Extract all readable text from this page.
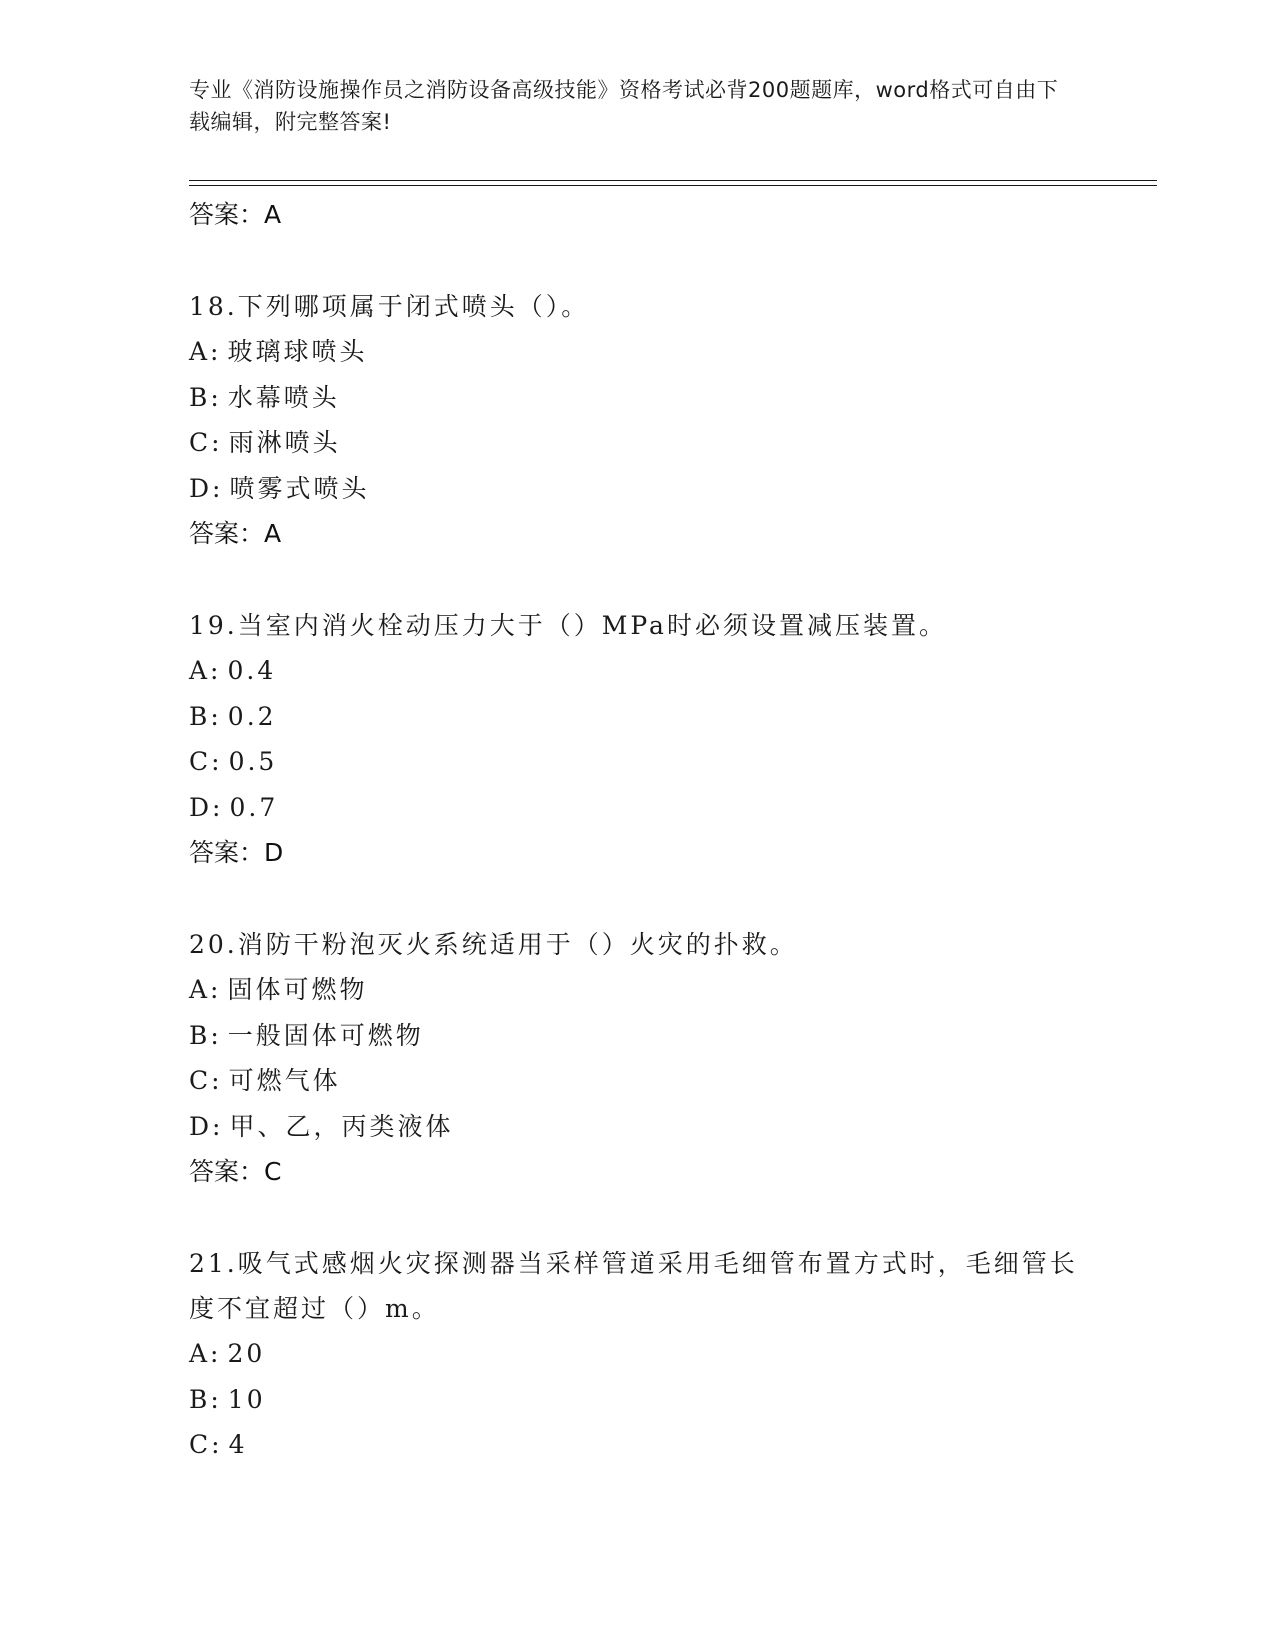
专业《消防设施操作员之消防设备高级技能》资格考试必背200题题库，word格式可自由下载编辑，附完整答案!
答案：A
18.下列哪项属于闭式喷头（）。
A: 玻璃球喷头
B: 水幕喷头
C: 雨淋喷头
D: 喷雾式喷头
答案：A
19.当室内消火栓动压力大于（）MPa时必须设置减压装置。
A: 0.4
B: 0.2
C: 0.5
D: 0.7
答案：D
20.消防干粉泡灭火系统适用于（）火灾的扑救。
A: 固体可燃物
B: 一般固体可燃物
C: 可燃气体
D: 甲、乙，丙类液体
答案：C
21.吸气式感烟火灾探测器当采样管道采用毛细管布置方式时，毛细管长度不宜超过（）m。
A: 20
B: 10
C: 4
